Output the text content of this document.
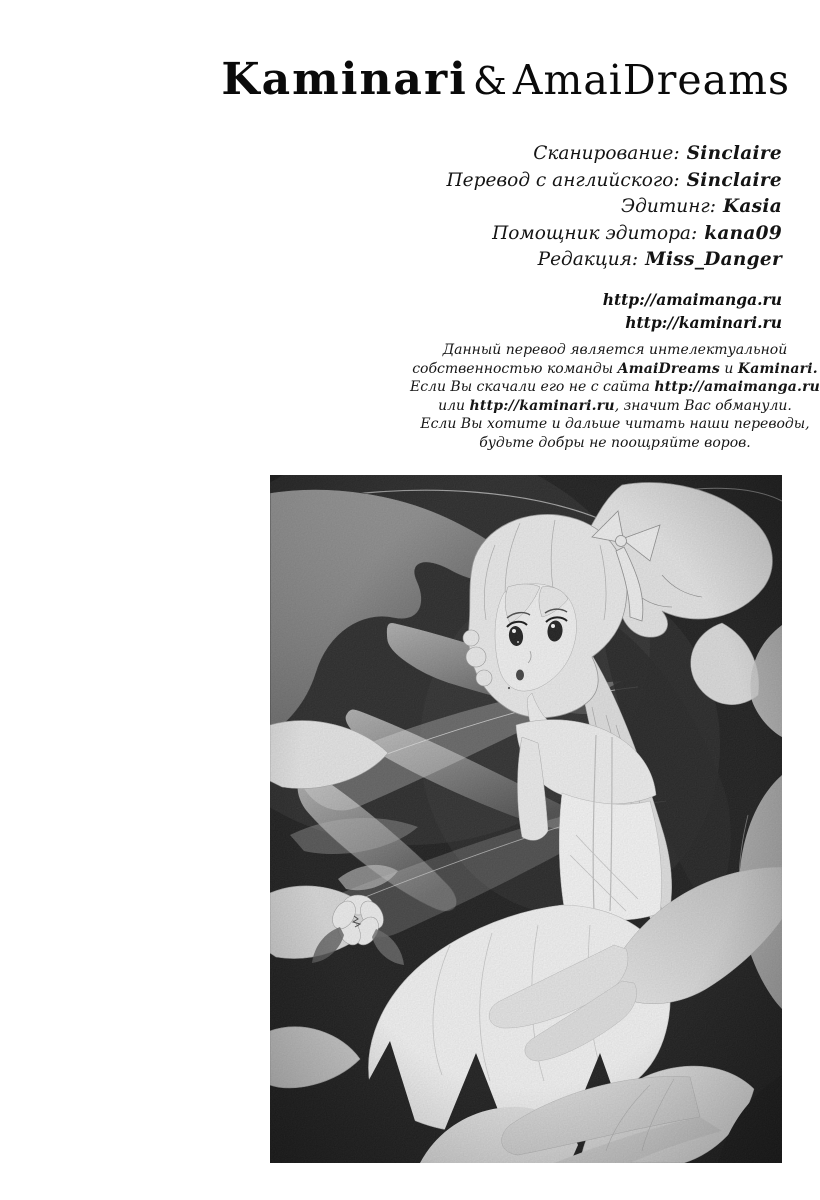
Kaminari & AmaiDreams
Сканирование: Sinclaire
Перевод с английского: Sinclaire
Эдитинг: Kasia
Помощник эдитора: kana09
Редакция: Miss_Danger
http://amaimanga.ru
http://kaminari.ru
Данный перевод является интелектуальной
собственностью команды AmaiDreams и Kaminari.
Если Вы скачали его не с сайта http://amaimanga.ru
или http://kaminari.ru, значит Вас обманули.
Если Вы хотите и дальше читать наши переводы,
будьте добры не поощряйте воров.
